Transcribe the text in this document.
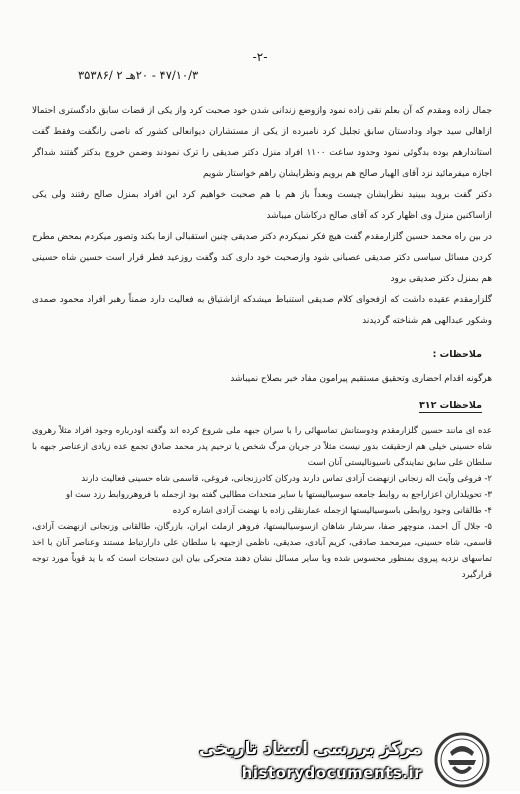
-۲-
۴۷/۱۰/۳ - ۲۰هـ ۲ /۳۵۳۸۶
جمال زاده ومقدم که آن بعلم نقی زاده نمود وازوضع زندانی شدن خود صحبت کرد واز یکی از قضات سابق دادگستری احتمالا ازاهالی سید جواد ودادستان سابق تجلیل کرد نامبرده از یکی از مستشاران دیوانعالی کشور که ناصی رانگفت وفقط گفت استاندارهم بوده بدگوئی نمود وحدود ساعت ۱۱۰۰ افراد منزل دکتر صدیقی را ترک نمودند وضمن خروج بدکتر گفتند شداگر اجازه میفرمائید نزد آقای الهیار صالح هم برویم ونظرایشان راهم خواستار شویم
دکتر گفت بروید ببینید نظرایشان چیست وبعداً باز هم با هم صحبت خواهیم کرد این افراد بمنزل صالح رفتند ولی یکی ازاساکنین منزل وی اظهار کرد که آقای صالح درکاشان میباشد
در بین راه محمد حسین گلزارمقدم گفت هیچ فکر نمیکردم دکتر صدیقی چنین استقبالی ازما بکند وتصور میکردم بمحض مطرح کردن مسائل سیاسی دکتر صدیقی عصبانی شود وازصحبت خود داری کند وگفت روزعید فطر قرار است حسین شاه حسینی هم بمنزل دکتر صدیقی برود
گلزارمقدم عقیده داشت که ازفحوای کلام صدیقی استنباط میشدکه ازاشتیاق به فعالیت دارد ضمناً رهبر افراد محمود صمدی وشکور عبدالهی هم شناخته گردیدند
ملاحظات :
هرگونه اقدام احضاری وتحقیق مستقیم پیرامون مفاد خبر بصلاح نمیباشد
ملاحظات ۳۱۲
عده ای مانند حسین گلزارمقدم ودوستانش تماسهائی را با سران جبهه ملی شروع کرده اند وگفته اودرباره وجود افراد مثلاً رهروی شاه حسینی خیلی هم ازحقیقت بدور نیست مثلاً در جریان مرگ شخص یا ترحیم پدر محمد صادق تجمع عده زیادی ازعناصر جبهه با سلطان علی سابق نمایندگی ناسیونالیستی آنان است
۲- فروغی وآیت اله زنجانی ازنهضت آزادی تماس دارند ودرکان کادرزنجانی، فروغی، قاسمی شاه حسینی فعالیت دارند
۳- تحویلداران اعزاراجع به روابط جامعه سوسیالیستها با سایر متحدات مطالبی گفته بود ازجمله با فروهرروابط رزد ست او
۴- طالقانی وجود روابطی باسوسیالیستها ازجمله عمارنقلی زاده با نهضت آزادی اشاره کرده
۵- جلال آل احمد، منوچهر صفا، سرشار شاهان ازسوسیالیستها، فروهر ازملت ایران، بازرگان، طالقانی وزنجانی ازنهضت آزادی، قاسمی، شاه حسینی، میرمحمد صادقی، کریم آبادی، صدیقی، ناظمی ازجبهه با سلطان علی دارارتباط مستند وعناصر آنان با اخذ تماسهای نزدیه پیروی بمنظور محسوس شده وبا سایر مسائل نشان دهند متحرکی بیان این دستجات است که با ید قویاً مورد توجه قرارگیرد
مرکز بررسی اسناد تاریخی
historydocuments.ir
